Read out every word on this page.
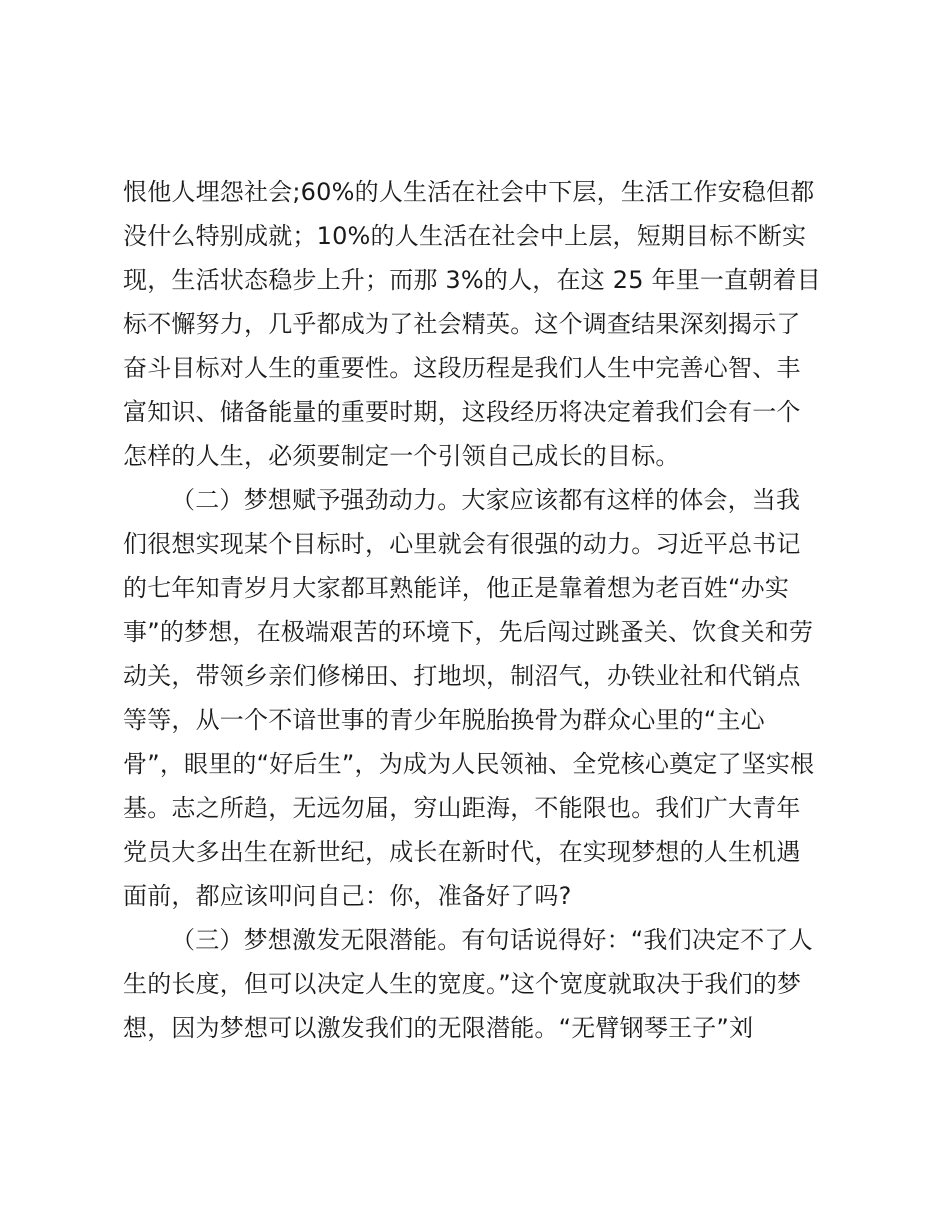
恨他人埋怨社会;60%的人生活在社会中下层，生活工作安稳但都
没什么特别成就；10%的人生活在社会中上层，短期目标不断实
现，生活状态稳步上升；而那 3%的人，在这 25 年里一直朝着目
标不懈努力，几乎都成为了社会精英。这个调查结果深刻揭示了
奋斗目标对人生的重要性。这段历程是我们人生中完善心智、丰
富知识、储备能量的重要时期，这段经历将决定着我们会有一个
怎样的人生，必须要制定一个引领自己成长的目标。
（二）梦想赋予强劲动力。大家应该都有这样的体会，当我
们很想实现某个目标时，心里就会有很强的动力。习近平总书记
的七年知青岁月大家都耳熟能详，他正是靠着想为老百姓“办实
事”的梦想，在极端艰苦的环境下，先后闯过跳蚤关、饮食关和劳
动关，带领乡亲们修梯田、打地坝，制沼气，办铁业社和代销点
等等，从一个不谙世事的青少年脱胎换骨为群众心里的“主心
骨”，眼里的“好后生”，为成为人民领袖、全党核心奠定了坚实根
基。志之所趋，无远勿届，穷山距海，不能限也。我们广大青年
党员大多出生在新世纪，成长在新时代，在实现梦想的人生机遇
面前，都应该叩问自己：你，准备好了吗?
（三）梦想激发无限潜能。有句话说得好：“我们决定不了人
生的长度，但可以决定人生的宽度。”这个宽度就取决于我们的梦
想，因为梦想可以激发我们的无限潜能。“无臂钢琴王子”刘
